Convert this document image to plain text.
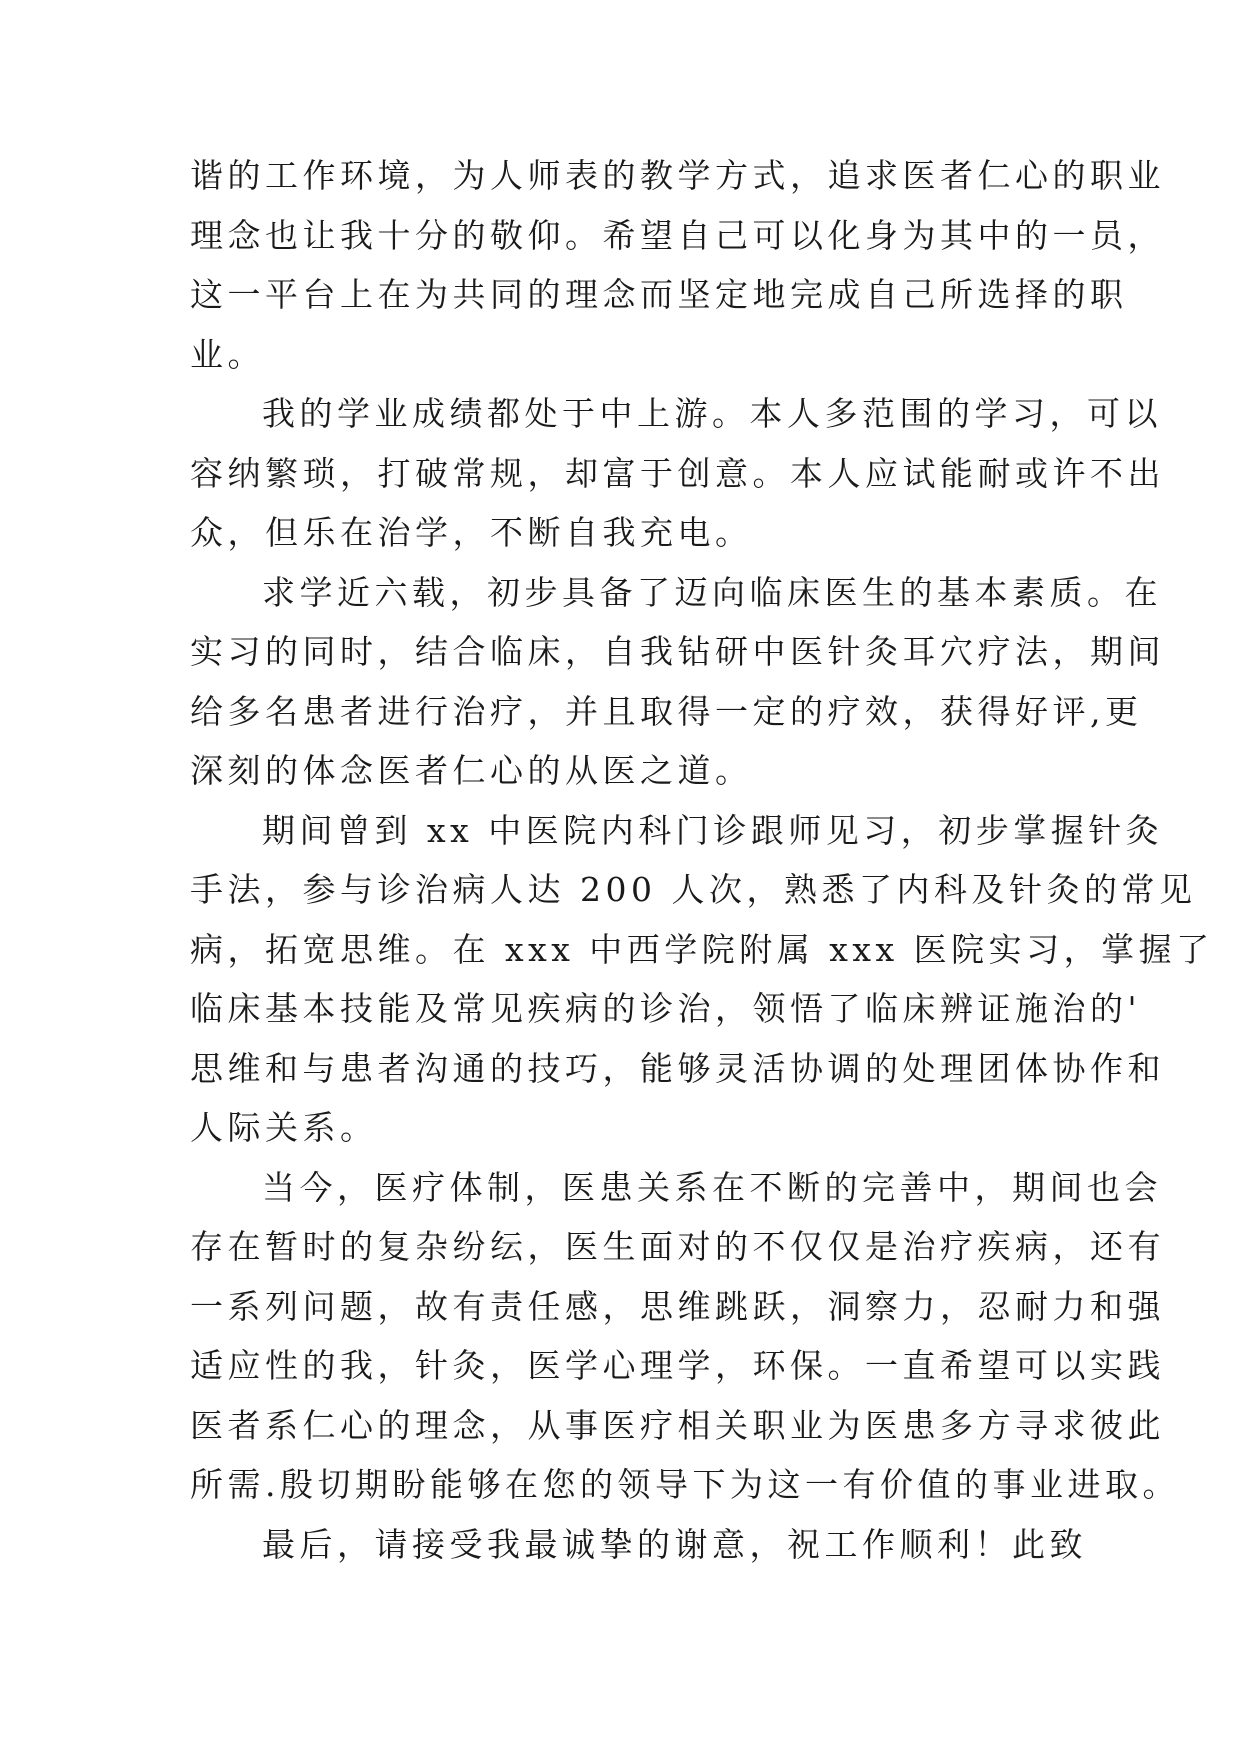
谐的工作环境，为人师表的教学方式，追求医者仁心的职业
理念也让我十分的敬仰。希望自己可以化身为其中的一员，
这一平台上在为共同的理念而坚定地完成自己所选择的职
业。
我的学业成绩都处于中上游。本人多范围的学习，可以
容纳繁琐，打破常规，却富于创意。本人应试能耐或许不出
众，但乐在治学，不断自我充电。
求学近六载，初步具备了迈向临床医生的基本素质。在
实习的同时，结合临床，自我钻研中医针灸耳穴疗法，期间
给多名患者进行治疗，并且取得一定的疗效，获得好评,更
深刻的体念医者仁心的从医之道。
期间曾到 xx 中医院内科门诊跟师见习，初步掌握针灸
手法，参与诊治病人达 200 人次，熟悉了内科及针灸的常见
病，拓宽思维。在 xxx 中西学院附属 xxx 医院实习，掌握了
临床基本技能及常见疾病的诊治，领悟了临床辨证施治的'
思维和与患者沟通的技巧，能够灵活协调的处理团体协作和
人际关系。
当今，医疗体制，医患关系在不断的完善中，期间也会
存在暂时的复杂纷纭，医生面对的不仅仅是治疗疾病，还有
一系列问题，故有责任感，思维跳跃，洞察力，忍耐力和强
适应性的我，针灸，医学心理学，环保。一直希望可以实践
医者系仁心的理念，从事医疗相关职业为医患多方寻求彼此
所需.殷切期盼能够在您的领导下为这一有价值的事业进取。
最后，请接受我最诚挚的谢意，祝工作顺利！此致
